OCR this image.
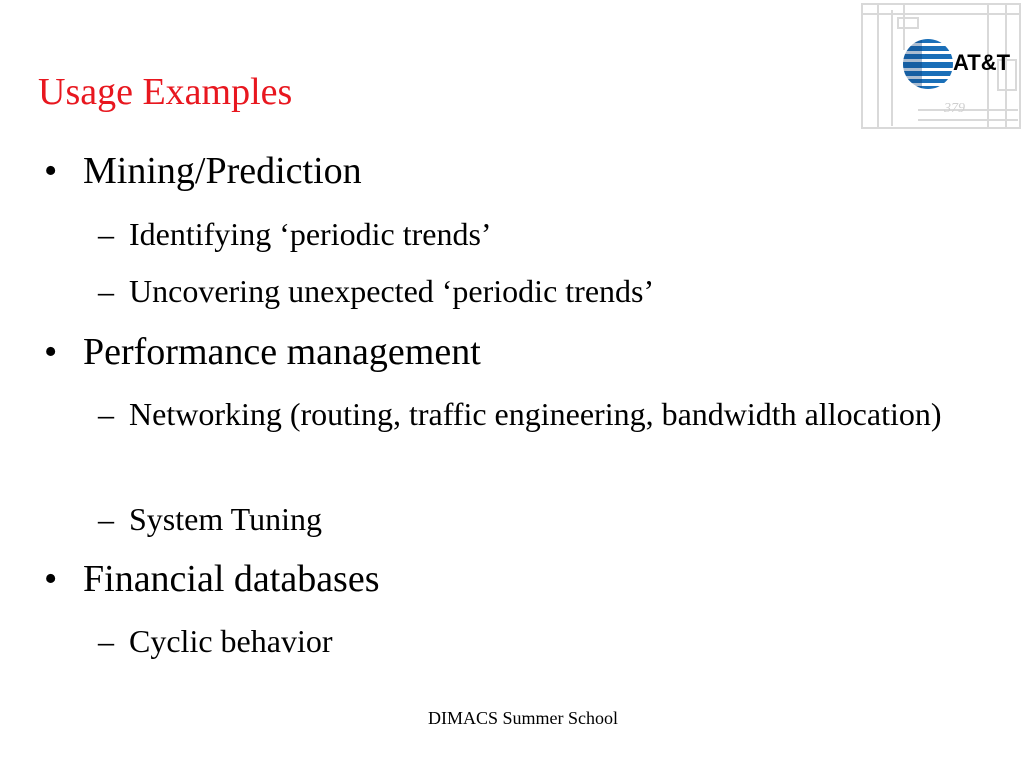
Usage Examples	379
AT&T
• Mining/Prediction
– Identifying ‘periodic trends’
– Uncovering unexpected ‘periodic trends’
• Performance management
– Networking (routing, traffic engineering, bandwidth allocation)
– System Tuning
• Financial databases
– Cyclic behavior
DIMACS Summer School
